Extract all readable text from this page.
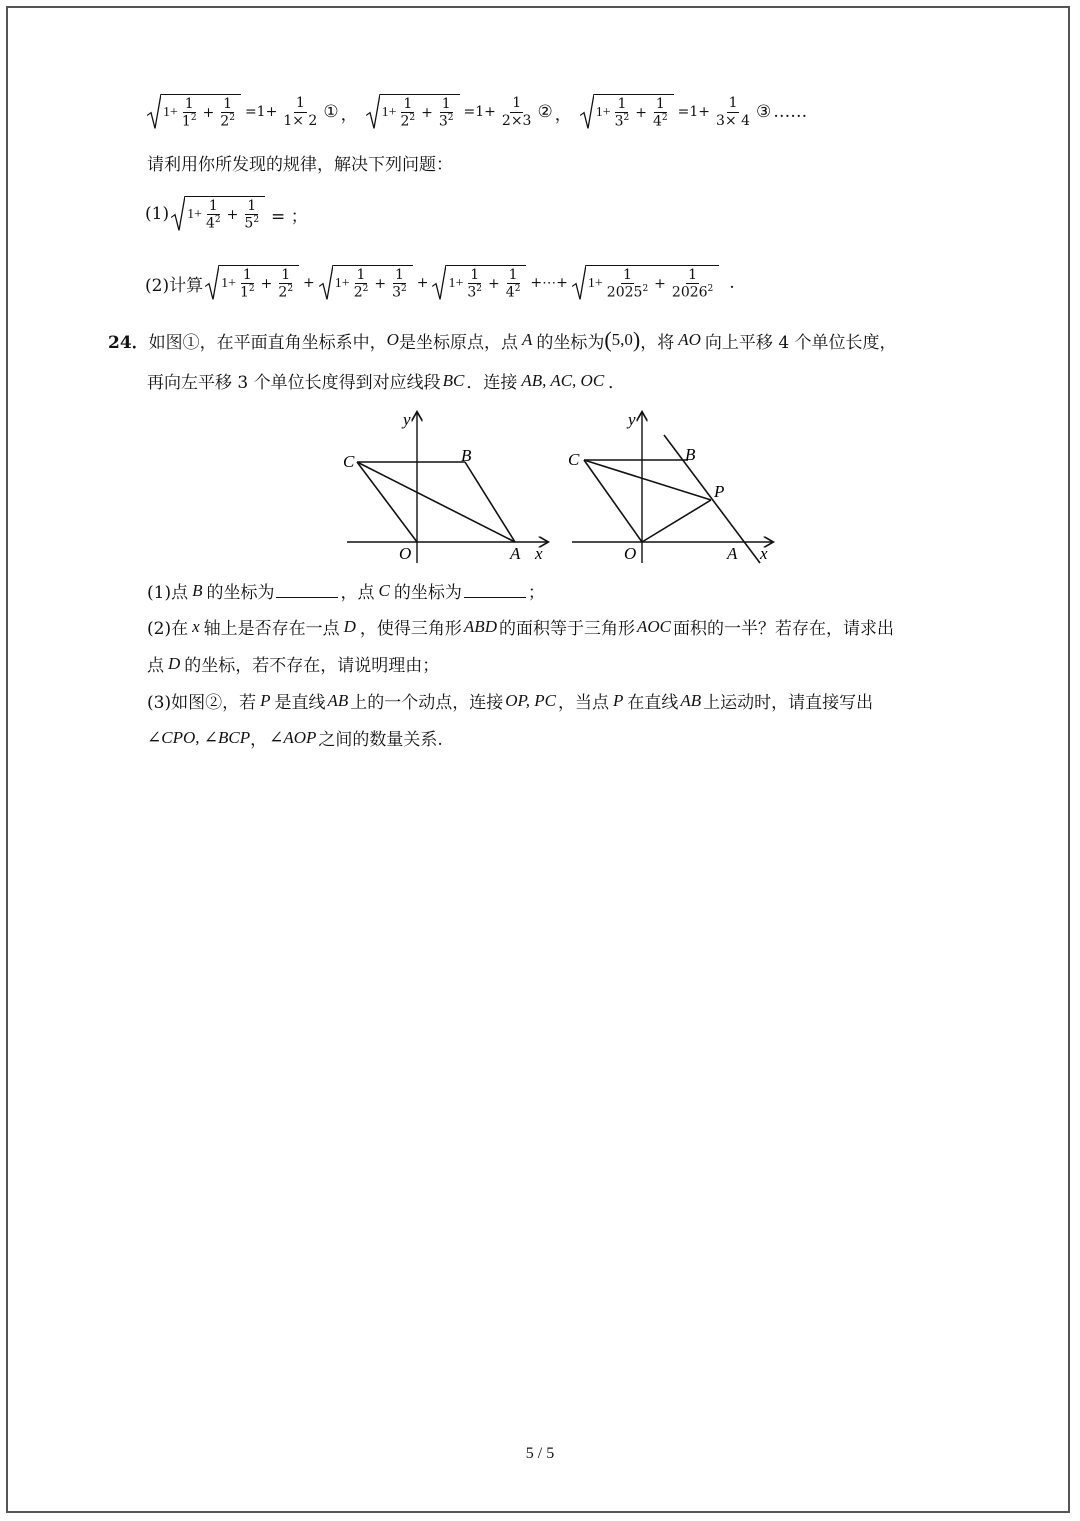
$1+ \frac{1}{1^2} + \frac{1}{2^2} =1+ \frac{1}{1\times 2}$ ① ， $1+ \frac{1}{2^2} + \frac{1}{3^2} =1+ \frac{1}{2\times 3}$ ② ， $1+ \frac{1}{3^2} + \frac{1}{4^2} =1+ \frac{1}{3\times 4}$ ③ ……
请利用你所发现的规律，解决下列问题：
(1) $1+ \frac{1}{4^2} + \frac{1}{5^2}$ = ；
(2)计算 $1+ \frac{1}{1^2} + \frac{1}{2^2} + 1+ \frac{1}{2^2} + \frac{1}{3^2} + 1+ \frac{1}{3^2} + \frac{1}{4^2}$ +⋯+ $1+ \frac{1}{2025^2} + \frac{1}{2026^2}$ .
24． 如图①，在平面直角坐标系中， O 是坐标原点，点 A 的坐标为 ( 5,0 ) ，将 AO 向上平移 4 个单位长度，
再向左平移 3 个单位长度得到对应线段 BC ．连接 AB, AC, OC ．
y
C	B
O	A x
y
C	B
P
O	A x
(1)点 B 的坐标为	，点 C 的坐标为	；
(2)在 x 轴上是否存在一点 D ，使得三角形 ABD 的面积等于三角形 AOC 面积的一半？若存在，请求出
点 D 的坐标，若不存在，请说明理由；
(3)如图②，若 P 是直线 AB 上的一个动点，连接 OP, PC ，当点 P 在直线 AB 上运动时，请直接写出
∠CPO, ∠BCP ， ∠AOP 之间的数量关系.
5 / 5
